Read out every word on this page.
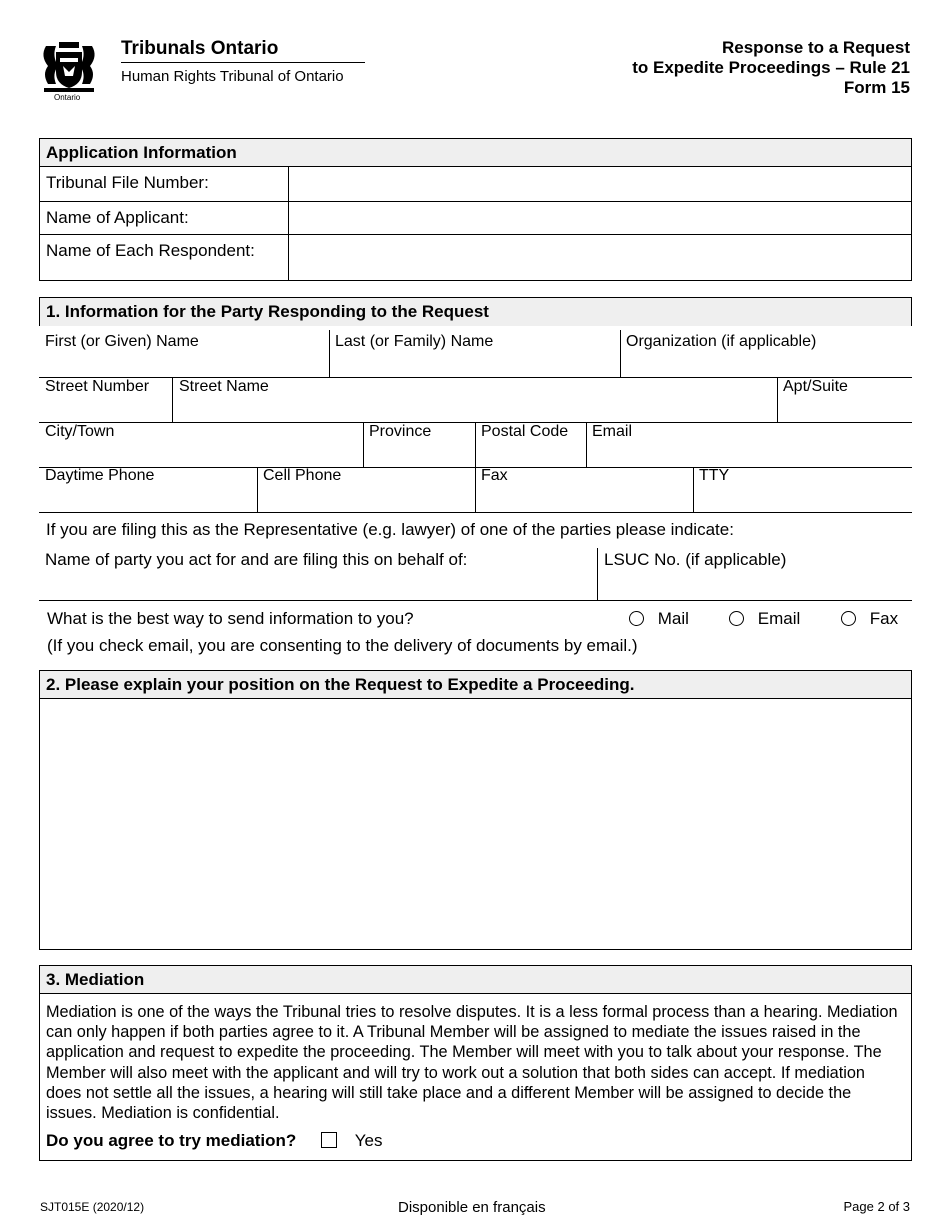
Ontario
Tribunals Ontario
Human Rights Tribunal of Ontario
Response to a Request
to Expedite Proceedings – Rule 21
Form 15
Application Information
Tribunal File Number:
Name of Applicant:
Name of Each Respondent:
1. Information for the Party Responding to the Request
First (or Given) Name	Last (or Family) Name	Organization (if applicable)
Street Number Street Name	Apt/Suite
City/Town	Province	Postal Code Email
Daytime Phone	Cell Phone	Fax	TTY
If you are filing this as the Representative (e.g. lawyer) of one of the parties please indicate:
Name of party you act for and are filing this on behalf of:	LSUC No. (if applicable)
What is the best way to send information to you?	Mail	Email	Fax
(If you check email, you are consenting to the delivery of documents by email.)
2. Please explain your position on the Request to Expedite a Proceeding.
3. Mediation
Mediation is one of the ways the Tribunal tries to resolve disputes. It is a less formal process than a hearing. Mediation can only happen if both parties agree to it. A Tribunal Member will be assigned to mediate the issues raised in the application and request to expedite the proceeding. The Member will meet with you to talk about your response. The Member will also meet with the applicant and will try to work out a solution that both sides can accept. If mediation does not settle all the issues, a hearing will still take place and a different Member will be assigned to decide the issues. Mediation is confidential.
Do you agree to try mediation?	Yes
SJT015E (2020/12)	Disponible en français	Page 2 of 3
